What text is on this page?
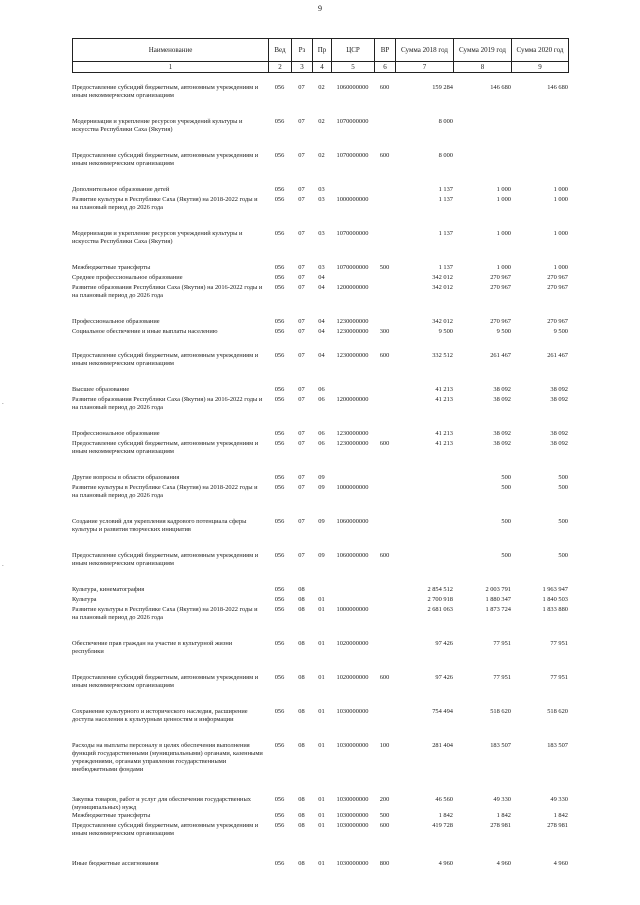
9
Наименование	Вед	Рз	Пр	ЦСР	ВР	Сумма 2018 год	Сумма 2019 год	Сумма 2020 год
1	2	3	4	5	6	7	8	9
Предоставление субсидий бюджетным, автономным учреждениям и иным некоммерческим организациям	056	07	02	1060000000	600	159 284	146 680	146 680
Модернизация и укрепление ресурсов учреждений культуры и искусства Республики Саха (Якутия)	056	07	02	1070000000		8 000		
Предоставление субсидий бюджетным, автономным учреждениям и иным некоммерческим организациям	056	07	02	1070000000	600	8 000		
Дополнительное образование детей	056	07	03			1 137	1 000	1 000
Развитие культуры в Республике Саха (Якутия) на 2018-2022 годы и на плановый период до 2026 года	056	07	03	1000000000		1 137	1 000	1 000
Модернизация и укрепление ресурсов учреждений культуры и искусства Республики Саха (Якутия)	056	07	03	1070000000		1 137	1 000	1 000
Межбюджетные трансферты	056	07	03	1070000000	500	1 137	1 000	1 000
Среднее профессиональное образование	056	07	04			342 012	270 967	270 967
Развитие образования Республики Саха (Якутия) на 2016-2022 годы и на плановый период до 2026 года	056	07	04	1200000000		342 012	270 967	270 967
Профессиональное образование	056	07	04	1230000000		342 012	270 967	270 967
Социальное обеспечение и иные выплаты населению	056	07	04	1230000000	300	9 500	9 500	9 500
Предоставление субсидий бюджетным, автономным учреждениям и иным некоммерческим организациям	056	07	04	1230000000	600	332 512	261 467	261 467
Высшее образование	056	07	06			41 213	38 092	38 092
Развитие образования Республики Саха (Якутия) на 2016-2022 годы и на плановый период до 2026 года	056	07	06	1200000000		41 213	38 092	38 092
Профессиональное образование	056	07	06	1230000000		41 213	38 092	38 092
Предоставление субсидий бюджетным, автономным учреждениям и иным некоммерческим организациям	056	07	06	1230000000	600	41 213	38 092	38 092
Другие вопросы в области образования	056	07	09				500	500
Развитие культуры в Республике Саха (Якутия) на 2018-2022 годы и на плановый период до 2026 года	056	07	09	1000000000			500	500
Создание условий для укрепления кадрового потенциала сферы культуры и развития творческих инициатив	056	07	09	1060000000			500	500
Предоставление субсидий бюджетным, автономным учреждениям и иным некоммерческим организациям	056	07	09	1060000000	600		500	500
Культура, кинематография	056	08				2 854 512	2 003 791	1 963 947
Культура	056	08	01			2 700 918	1 880 347	1 840 503
Развитие культуры в Республике Саха (Якутия) на 2018-2022 годы и на плановый период до 2026 года	056	08	01	1000000000		2 681 063	1 873 724	1 833 880
Обеспечение прав граждан на участие в культурной жизни республики	056	08	01	1020000000		97 426	77 951	77 951
Предоставление субсидий бюджетным, автономным учреждениям и иным некоммерческим организациям	056	08	01	1020000000	600	97 426	77 951	77 951
Сохранение культурного и исторического наследия, расширение доступа населения к культурным ценностям и информации	056	08	01	1030000000		754 494	518 620	518 620
Расходы на выплаты персоналу в целях обеспечения выполнения функций государственными (муниципальными) органами, казенными учреждениями, органами управления государственными внебюджетными фондами	056	08	01	1030000000	100	281 404	183 507	183 507
Закупка товаров, работ и услуг для обеспечения государственных (муниципальных) нужд	056	08	01	1030000000	200	46 560	49 330	49 330
Межбюджетные трансферты	056	08	01	1030000000	500	1 842	1 842	1 842
Предоставление субсидий бюджетным, автономным учреждениям и иным некоммерческим организациям	056	08	01	1030000000	600	419 728	278 981	278 981
Иные бюджетные ассигнования	056	08	01	1030000000	800	4 960	4 960	4 960
.
.
